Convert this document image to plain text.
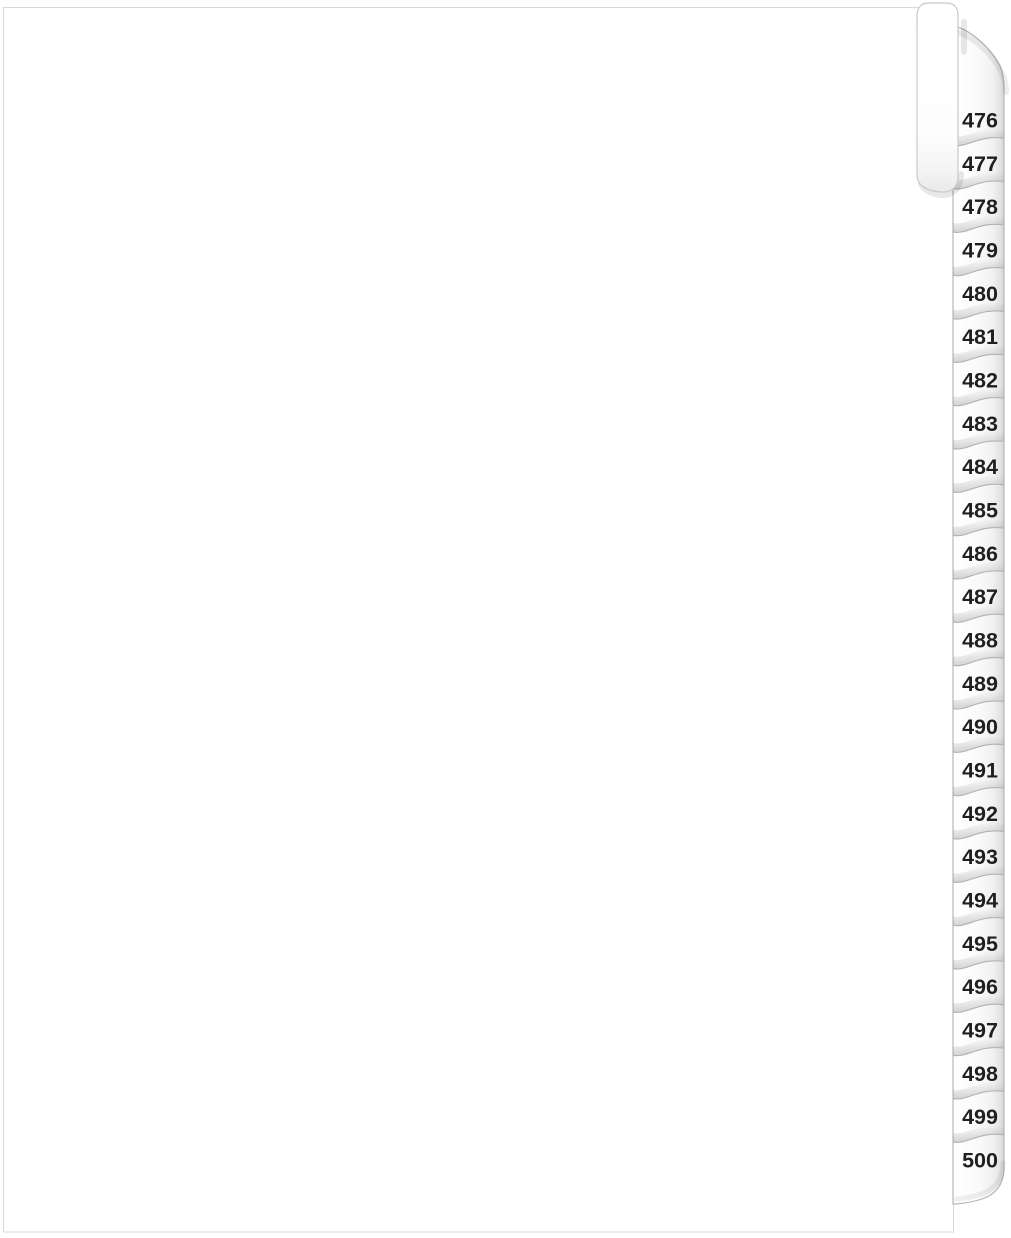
476
477
478
479
480
481
482
483
484
485
486
487
488
489
490
491
492
493
494
495
496
497
498
499
500
